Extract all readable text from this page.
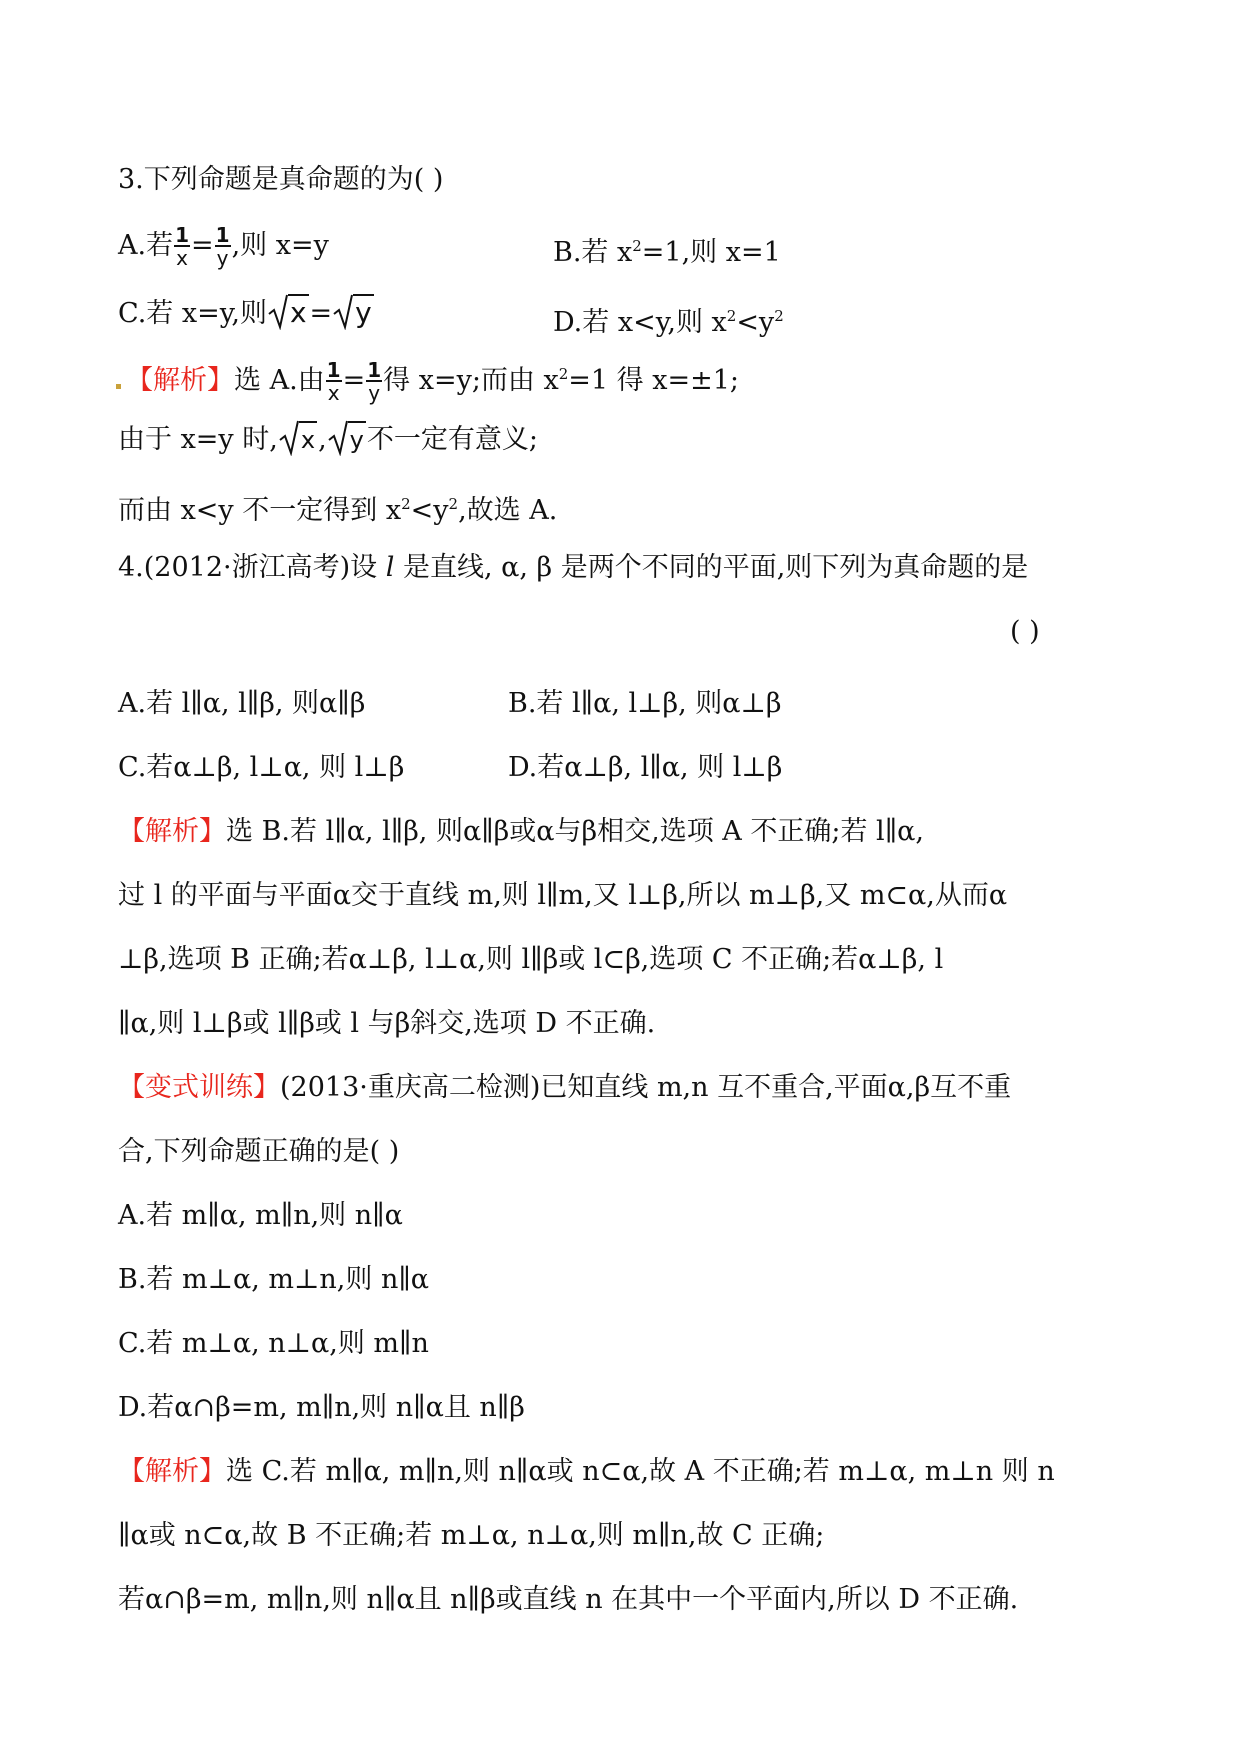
3.下列命题是真命题的为( )
A.若 $\frac{1}{x} = \frac{1}{y}$ ,则 x=y	B.若 $x^2=1$,则 x=1
C.若 x=y,则 x = y	D.若 x<y,则 $x^2<y^2$
【解析】选 A.由 $\frac{1}{x} = \frac{1}{y}$ 得 x=y;而由 $x^2=1$ 得 x=±1;
由于 x=y 时, x , y 不一定有意义;
而由 x<y 不一定得到 $x^2<y^2$,故选 A.
4.(2012·浙江高考)设 l 是直线, α, β 是两个不同的平面,则下列为真命题的是
( )
A.若 l∥α, l∥β, 则α∥β	B.若 l∥α, l⊥β, 则α⊥β
C.若α⊥β, l⊥α, 则 l⊥β	D.若α⊥β, l∥α, 则 l⊥β
【解析】选 B.若 l∥α, l∥β, 则α∥β或α与β相交,选项 A 不正确;若 l∥α,
过 l 的平面与平面α交于直线 m,则 l∥m,又 l⊥β,所以 m⊥β,又 m⊂α,从而α
⊥β,选项 B 正确;若α⊥β, l⊥α,则 l∥β或 l⊂β,选项 C 不正确;若α⊥β, l
∥α,则 l⊥β或 l∥β或 l 与β斜交,选项 D 不正确.
【变式训练】(2013·重庆高二检测)已知直线 m,n 互不重合,平面α,β互不重
合,下列命题正确的是( )
A.若 m∥α, m∥n,则 n∥α
B.若 m⊥α, m⊥n,则 n∥α
C.若 m⊥α, n⊥α,则 m∥n
D.若α∩β=m, m∥n,则 n∥α且 n∥β
【解析】选 C.若 m∥α, m∥n,则 n∥α或 n⊂α,故 A 不正确;若 m⊥α, m⊥n 则 n
∥α或 n⊂α,故 B 不正确;若 m⊥α, n⊥α,则 m∥n,故 C 正确;
若α∩β=m, m∥n,则 n∥α且 n∥β或直线 n 在其中一个平面内,所以 D 不正确.
